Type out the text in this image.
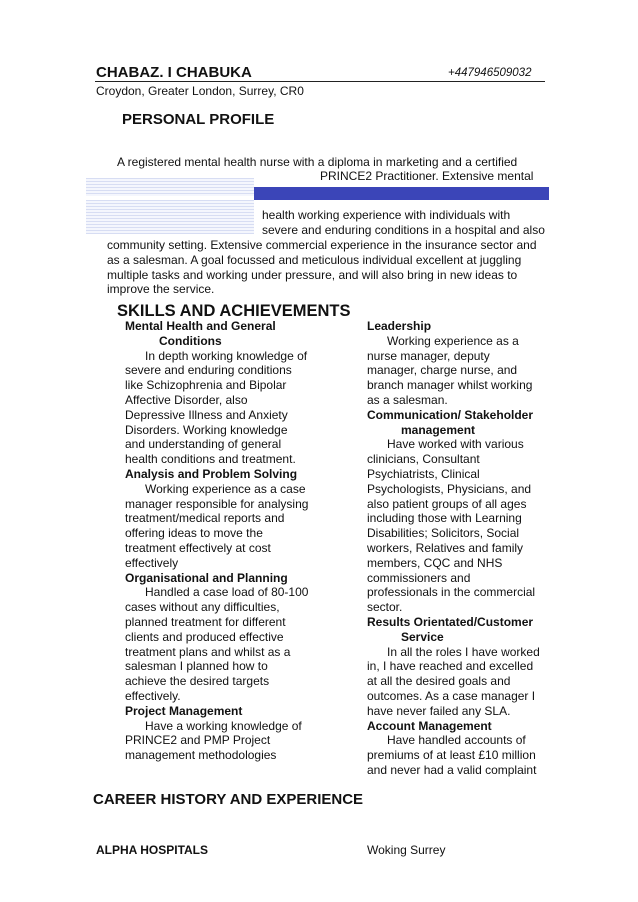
CHABAZ. I CHABUKA	+447946509032
Croydon, Greater London, Surrey, CR0
PERSONAL PROFILE
A registered mental health nurse with a diploma in marketing and a certified
PRINCE2 Practitioner. Extensive mental
health working experience with individuals with
severe and enduring conditions in a hospital and also
community setting. Extensive commercial experience in the insurance sector and
as a salesman. A goal focussed and meticulous individual excellent at juggling
multiple tasks and working under pressure, and will also bring in new ideas to
improve the service.
SKILLS AND ACHIEVEMENTS
Mental Health and General
Conditions
In depth working knowledge of
severe and enduring conditions
like Schizophrenia and Bipolar
Affective Disorder, also
Depressive Illness and Anxiety
Disorders. Working knowledge
and understanding of general
health conditions and treatment.
Analysis and Problem Solving
Working experience as a case
manager responsible for analysing
treatment/medical reports and
offering ideas to move the
treatment effectively at cost
effectively
Organisational and Planning
Handled a case load of 80-100
cases without any difficulties,
planned treatment for different
clients and produced effective
treatment plans and whilst as a
salesman I planned how to
achieve the desired targets
effectively.
Project Management
Have a working knowledge of
PRINCE2 and PMP Project
management methodologies
Leadership
Working experience as a
nurse manager, deputy
manager, charge nurse, and
branch manager whilst working
as a salesman.
Communication/ Stakeholder
management
Have worked with various
clinicians, Consultant
Psychiatrists, Clinical
Psychologists, Physicians, and
also patient groups of all ages
including those with Learning
Disabilities; Solicitors, Social
workers, Relatives and family
members, CQC and NHS
commissioners and
professionals in the commercial
sector.
Results Orientated/Customer
Service
In all the roles I have worked
in, I have reached and excelled
at all the desired goals and
outcomes. As a case manager I
have never failed any SLA.
Account Management
Have handled accounts of
premiums of at least £10 million
and never had a valid complaint
CAREER HISTORY AND EXPERIENCE
ALPHA HOSPITALS	Woking Surrey
